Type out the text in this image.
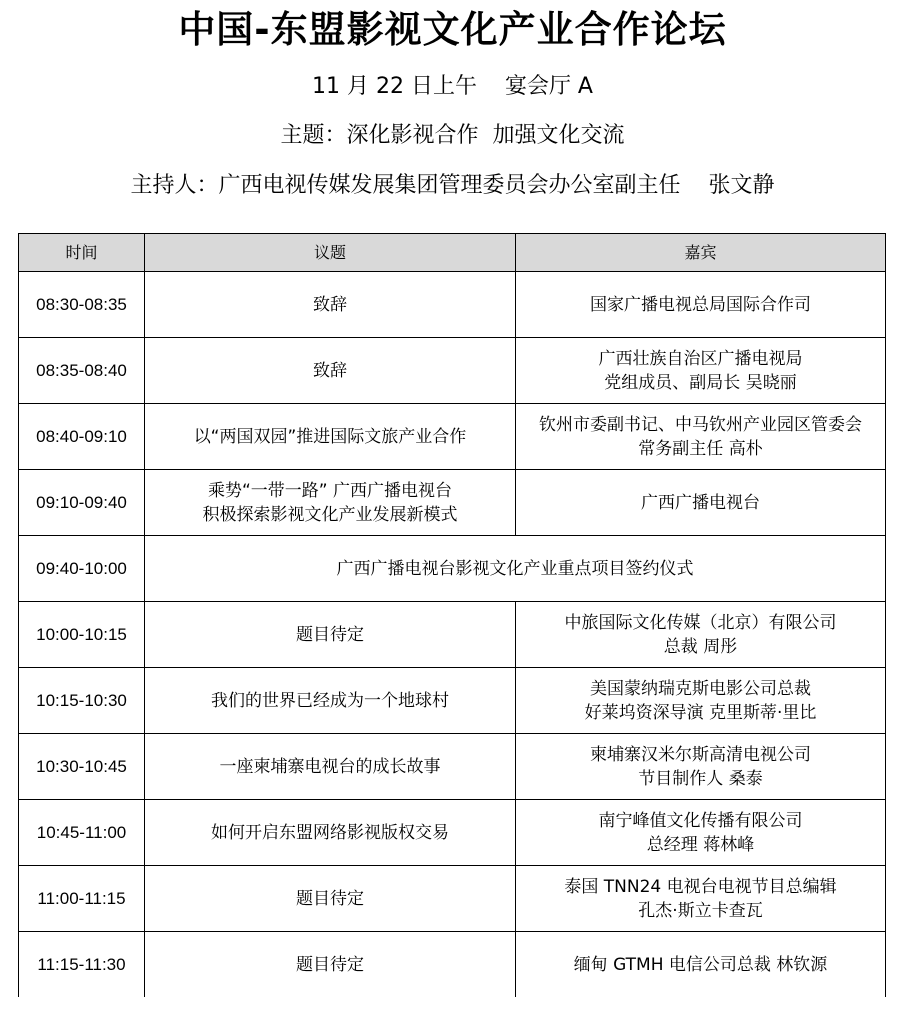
中国-东盟影视文化产业合作论坛
11 月 22 日上午    宴会厅 A
主题：深化影视合作  加强文化交流
主持人：广西电视传媒发展集团管理委员会办公室副主任    张文静
时间	议题	嘉宾
08:30-08:35	致辞	国家广播电视总局国际合作司
08:35-08:40	致辞	广西壮族自治区广播电视局
党组成员、副局长 吴晓丽
08:40-09:10	以“两国双园”推进国际文旅产业合作	钦州市委副书记、中马钦州产业园区管委会
常务副主任 高朴
09:10-09:40	乘势“一带一路” 广西广播电视台
积极探索影视文化产业发展新模式	广西广播电视台
09:40-10:00	广西广播电视台影视文化产业重点项目签约仪式	
10:00-10:15	题目待定	中旅国际文化传媒（北京）有限公司
总裁 周彤
10:15-10:30	我们的世界已经成为一个地球村	美国蒙纳瑞克斯电影公司总裁
好莱坞资深导演 克里斯蒂·里比
10:30-10:45	一座柬埔寨电视台的成长故事	柬埔寨汉米尔斯高清电视公司
节目制作人 桑泰
10:45-11:00	如何开启东盟网络影视版权交易	南宁峰值文化传播有限公司
总经理 蒋林峰
11:00-11:15	题目待定	泰国 TNN24 电视台电视节目总编辑
孔杰·斯立卡查瓦
11:15-11:30	题目待定	缅甸 GTMH 电信公司总裁 林钦源
